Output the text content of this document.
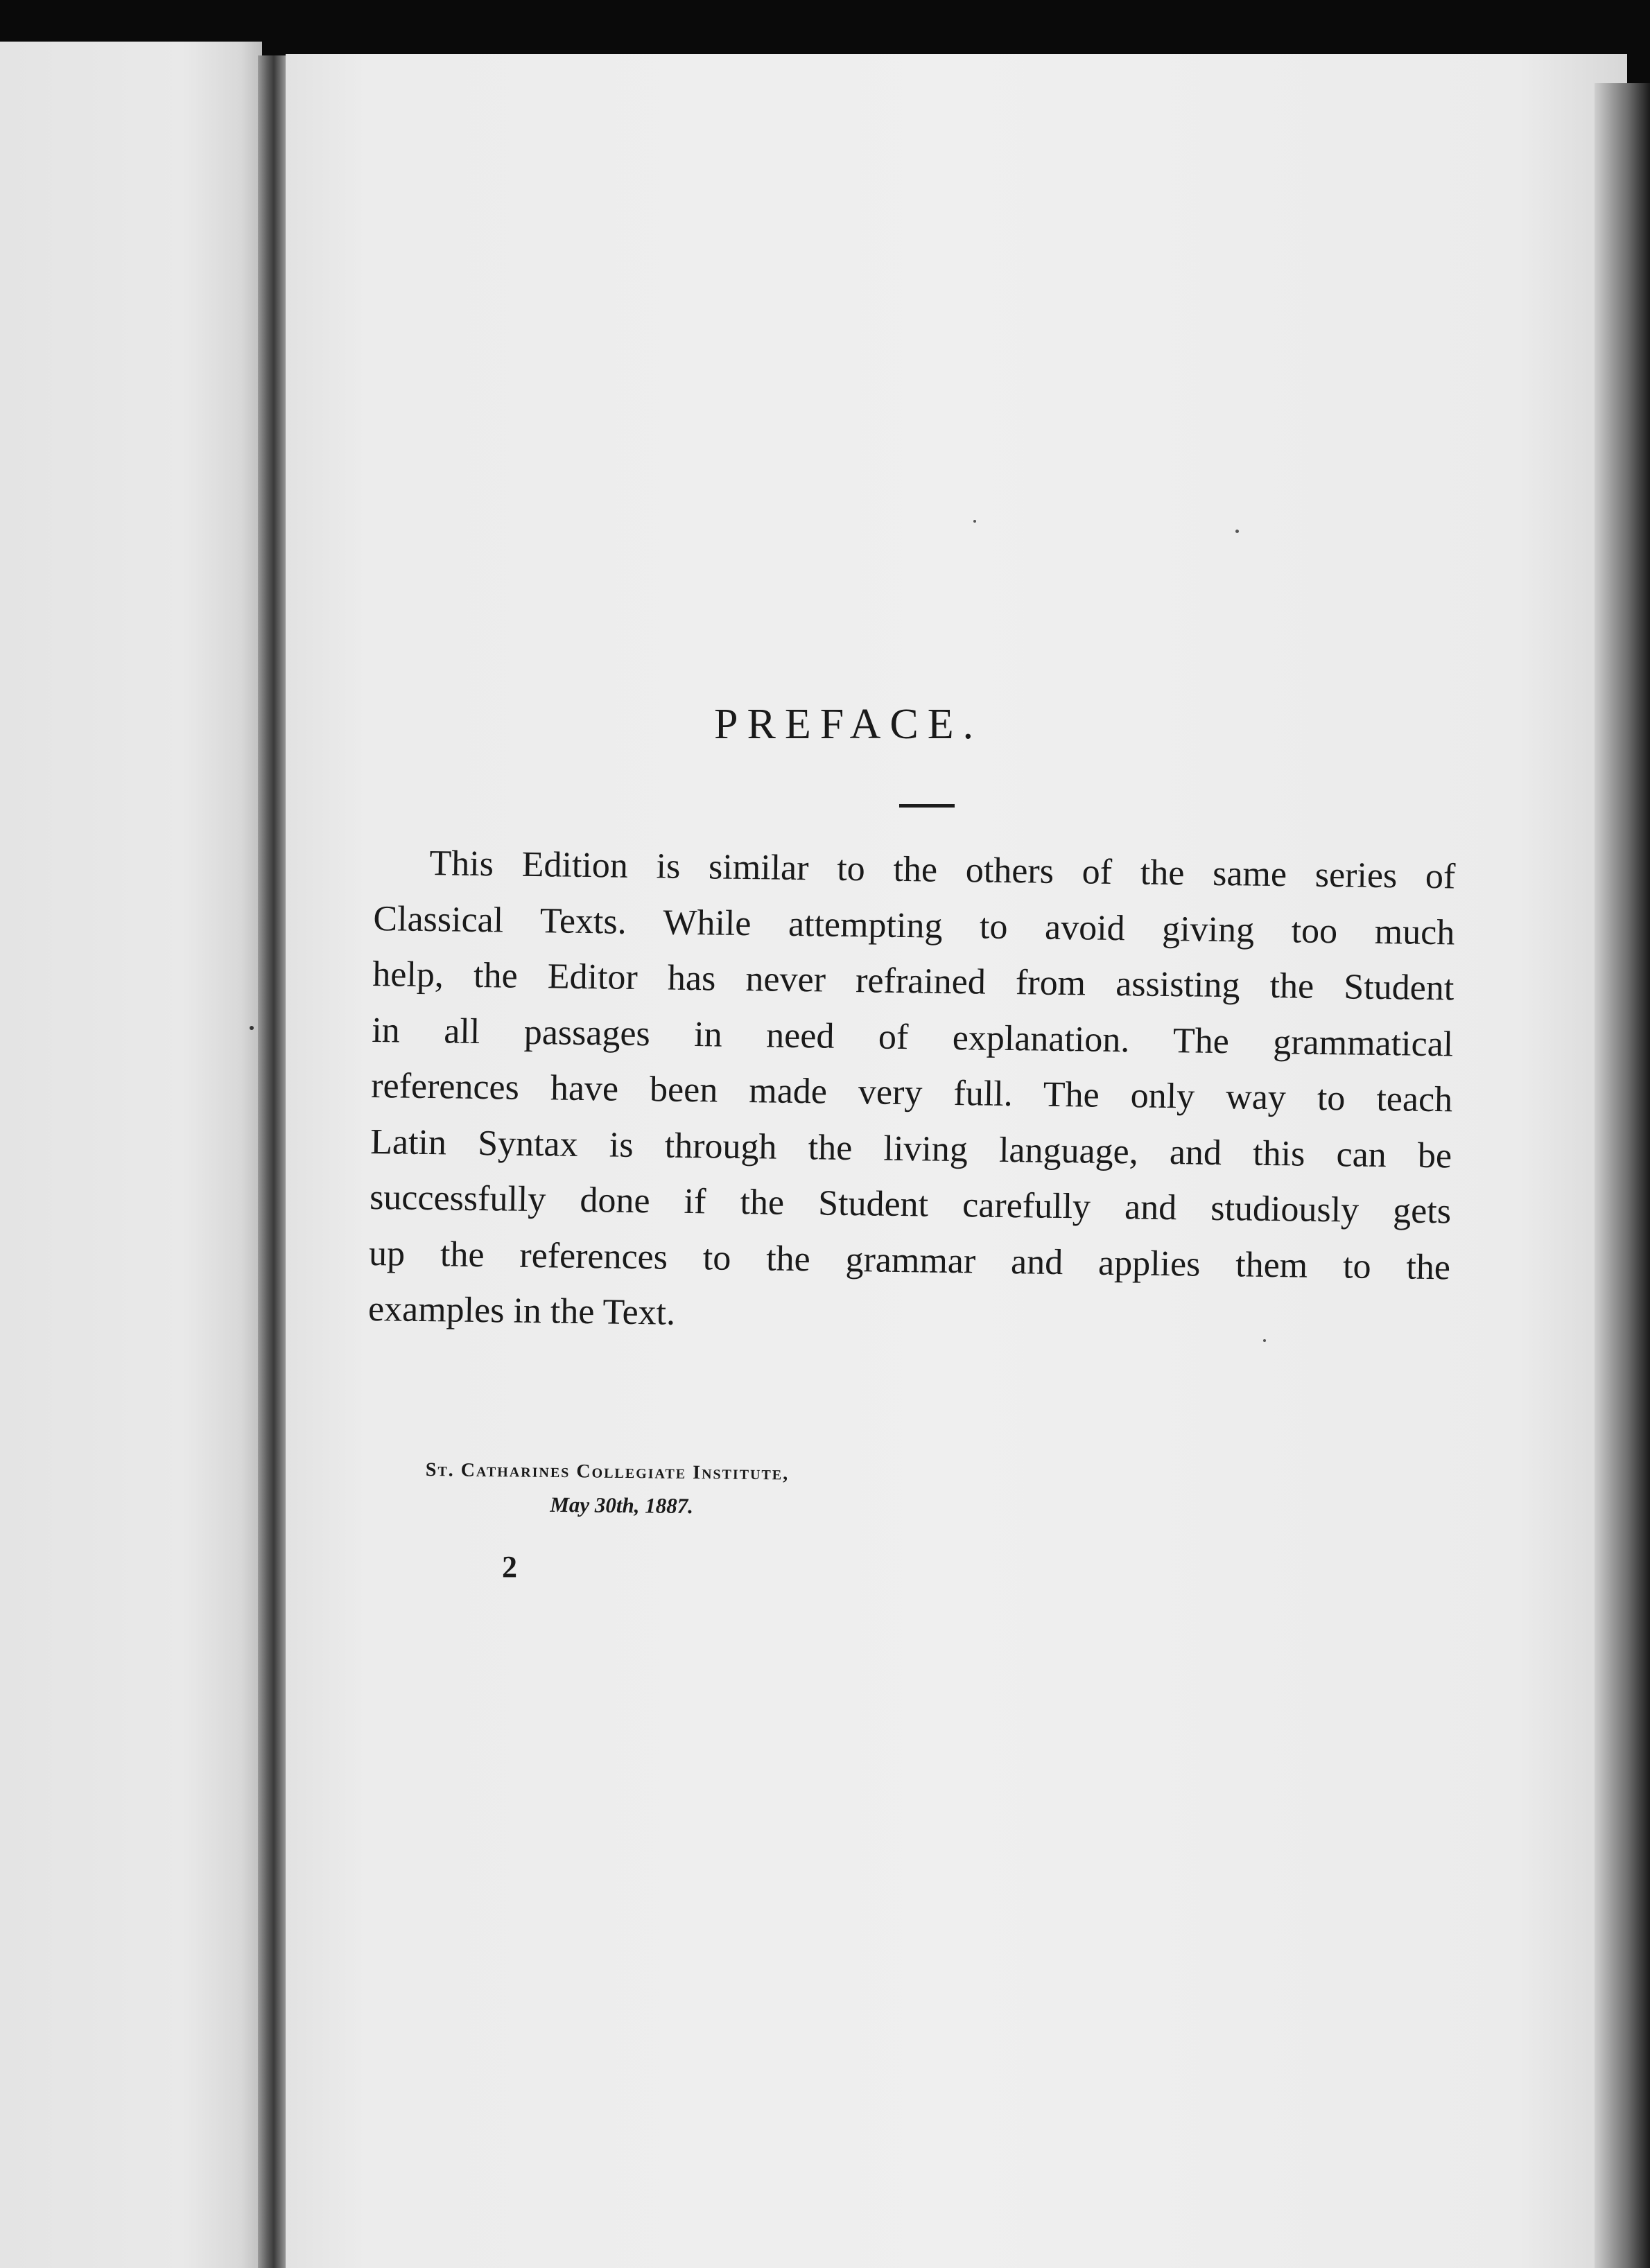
PREFACE.
This Edition is similar to the others of the same series of
Classical Texts. While attempting to avoid giving too much
help, the Editor has never refrained from assisting the Student
in all passages in need of explanation. The grammatical
references have been made very full. The only way to teach
Latin Syntax is through the living language, and this can be
successfully done if the Student carefully and studiously gets
up the references to the grammar and applies them to the
examples in the Text.
St. Catharines Collegiate Institute,
May 30th, 1887.
2
